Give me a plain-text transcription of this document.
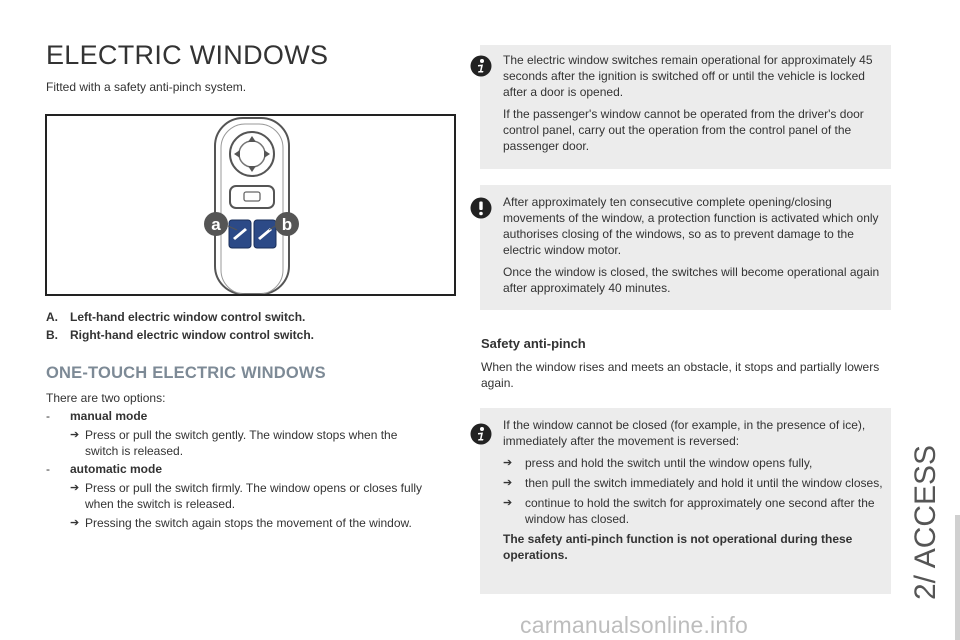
ELECTRIC WINDOWS
Fitted with a safety anti-pinch system.
a	b
A. Left-hand electric window control switch.
B. Right-hand electric window control switch.
ONE-TOUCH ELECTRIC WINDOWS
There are two options:
- manual mode
➔ Press or pull the switch gently. The window stops when the
switch is released.
- automatic mode
➔ Press or pull the switch firmly. The window opens or closes fully
when the switch is released.
➔ Pressing the switch again stops the movement of the window.

The electric window switches remain operational for approximately 45 seconds after the ignition is switched off or until the vehicle is locked after a door is opened.

If the passenger's window cannot be operated from the driver's door control panel, carry out the operation from the control panel of the passenger door.

After approximately ten consecutive complete opening/closing movements of the window, a protection function is activated which only authorises closing of the windows, so as to prevent damage to the electric window motor.

Once the window is closed, the switches will become operational again after approximately 40 minutes.

Safety anti-pinch
When the window rises and meets an obstacle, it stops and partially lowers again.

If the window cannot be closed (for example, in the presence of ice), immediately after the movement is reversed:

➔ press and hold the switch until the window opens fully,
➔ then pull the switch immediately and hold it until the window closes,
➔ continue to hold the switch for approximately one second after the window has closed.

The safety anti-pinch function is not operational during these operations.	2/ ACCESS
carmanualsonline.info
